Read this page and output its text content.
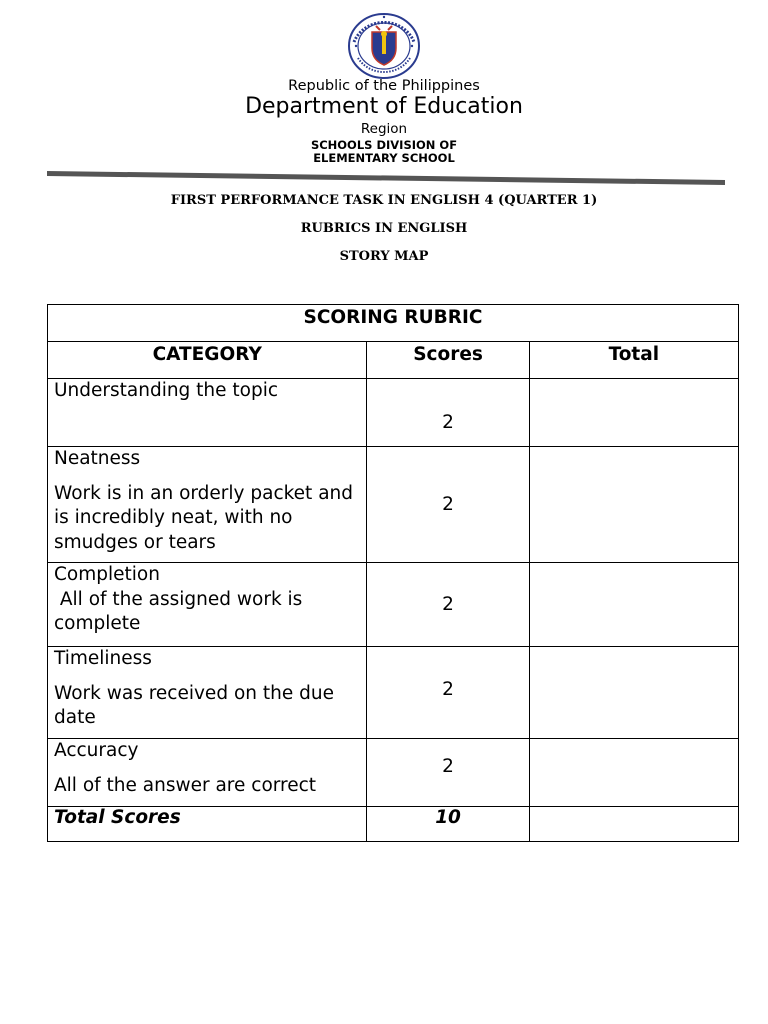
Republic of the Philippines
Department of Education
Region
SCHOOLS DIVISION OF
ELEMENTARY SCHOOL
FIRST PERFORMANCE TASK IN ENGLISH 4 (QUARTER 1)
RUBRICS IN ENGLISH
STORY MAP
SCORING RUBRIC		
CATEGORY	Scores	Total

Understanding the topic	2	

Neatness

Work is in an orderly packet and is incredibly neat, with no smudges or tears	2	

Completion

All of the assigned work is complete	2	

Timeliness

Work was received on the due date	2	

Accuracy

All of the answer are correct	2	
Total Scores	10	
